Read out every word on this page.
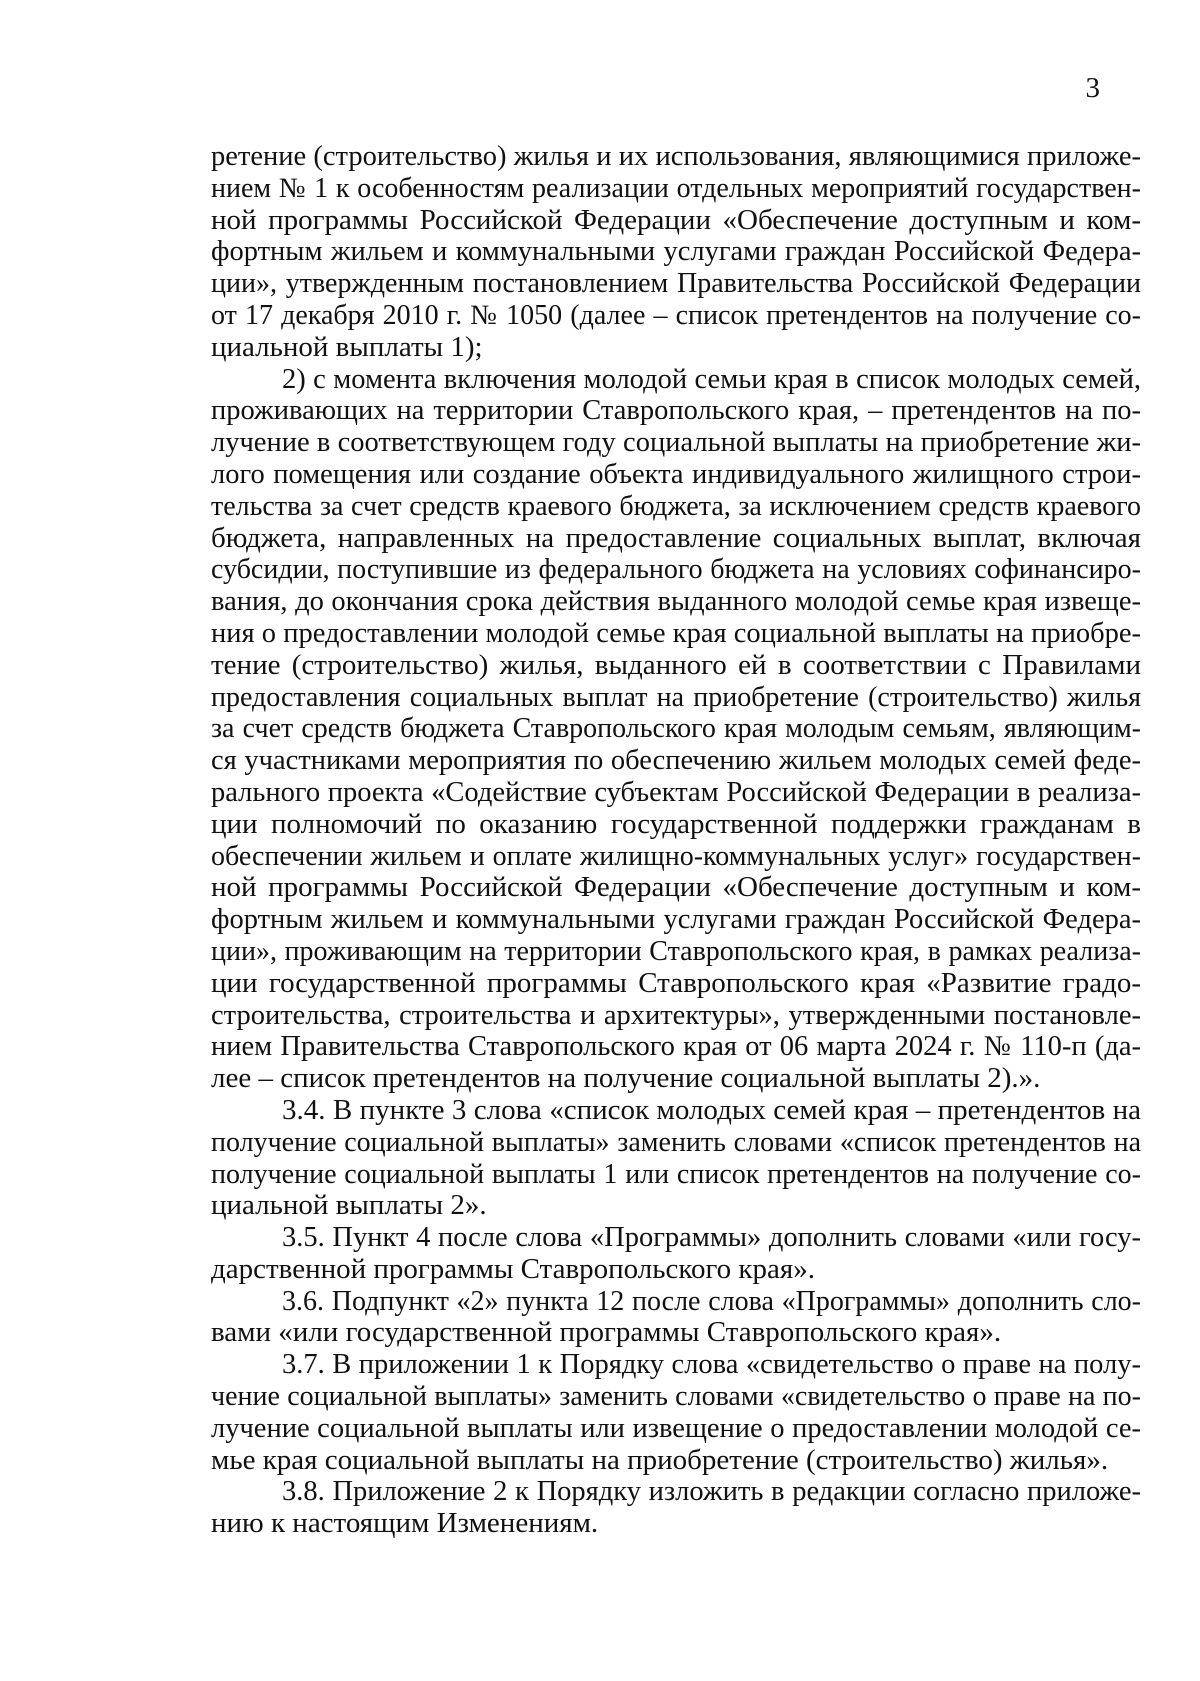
3
ретение (строительство) жилья и их использования, являющимися приложе-
нием № 1 к особенностям реализации отдельных мероприятий государствен-
ной программы Российской Федерации «Обеспечение доступным и ком-
фортным жильем и коммунальными услугами граждан Российской Федера-
ции», утвержденным постановлением Правительства Российской Федерации
от 17 декабря 2010 г. № 1050 (далее – список претендентов на получение со-
циальной выплаты 1);
2) с момента включения молодой семьи края в список молодых семей,
проживающих на территории Ставропольского края, – претендентов на по-
лучение в соответствующем году социальной выплаты на приобретение жи-
лого помещения или создание объекта индивидуального жилищного строи-
тельства за счет средств краевого бюджета, за исключением средств краевого
бюджета, направленных на предоставление социальных выплат, включая
субсидии, поступившие из федерального бюджета на условиях софинансиро-
вания, до окончания срока действия выданного молодой семье края извеще-
ния о предоставлении молодой семье края социальной выплаты на приобре-
тение (строительство) жилья, выданного ей в соответствии с Правилами
предоставления социальных выплат на приобретение (строительство) жилья
за счет средств бюджета Ставропольского края молодым семьям, являющим-
ся участниками мероприятия по обеспечению жильем молодых семей феде-
рального проекта «Содействие субъектам Российской Федерации в реализа-
ции полномочий по оказанию государственной поддержки гражданам в
обеспечении жильем и оплате жилищно-коммунальных услуг» государствен-
ной программы Российской Федерации «Обеспечение доступным и ком-
фортным жильем и коммунальными услугами граждан Российской Федера-
ции», проживающим на территории Ставропольского края, в рамках реализа-
ции государственной программы Ставропольского края «Развитие градо-
строительства, строительства и архитектуры», утвержденными постановле-
нием Правительства Ставропольского края от 06 марта 2024 г. № 110-п (да-
лее – список претендентов на получение социальной выплаты 2).».
3.4. В пункте 3 слова «список молодых семей края – претендентов на
получение социальной выплаты» заменить словами «список претендентов на
получение социальной выплаты 1 или список претендентов на получение со-
циальной выплаты 2».
3.5. Пункт 4 после слова «Программы» дополнить словами «или госу-
дарственной программы Ставропольского края».
3.6. Подпункт «2» пункта 12 после слова «Программы» дополнить сло-
вами «или государственной программы Ставропольского края».
3.7. В приложении 1 к Порядку слова «свидетельство о праве на полу-
чение социальной выплаты» заменить словами «свидетельство о праве на по-
лучение социальной выплаты или извещение о предоставлении молодой се-
мье края социальной выплаты на приобретение (строительство) жилья».
3.8. Приложение 2 к Порядку изложить в редакции согласно приложе-
нию к настоящим Изменениям.
